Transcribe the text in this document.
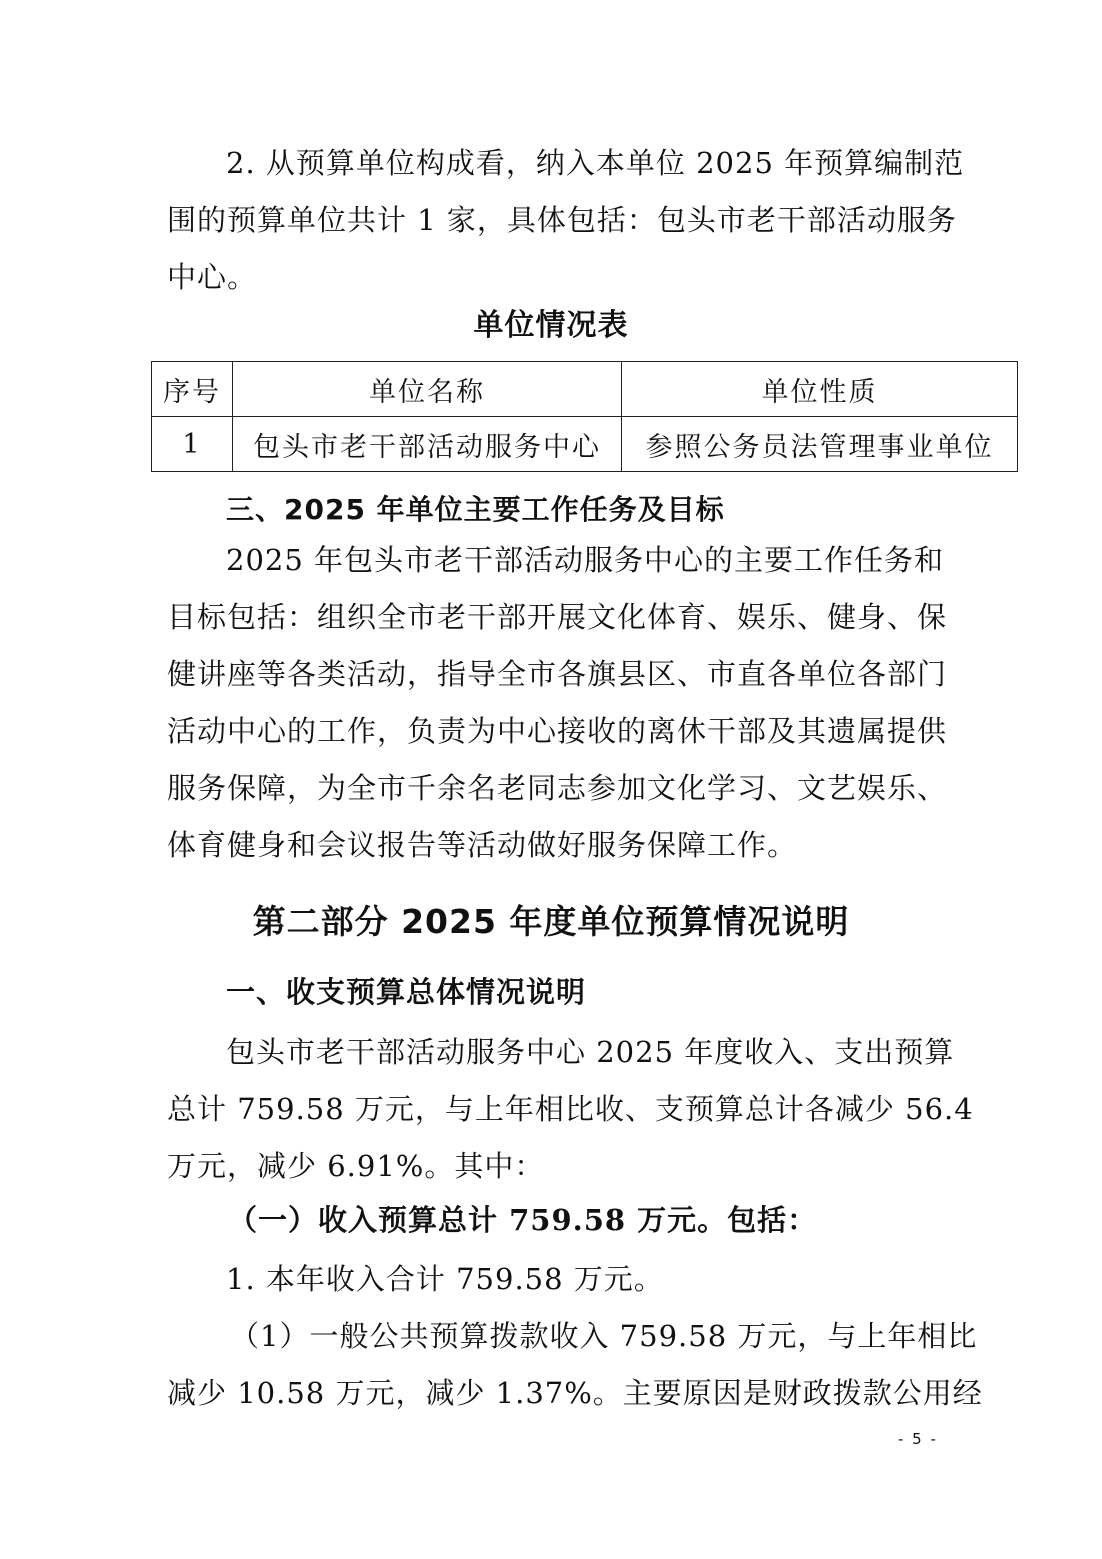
2. 从预算单位构成看，纳入本单位 2025 年预算编制范
围的预算单位共计 1 家，具体包括：包头市老干部活动服务
中心。
单位情况表
序号	单位名称	单位性质
1	包头市老干部活动服务中心	参照公务员法管理事业单位
三、2025 年单位主要工作任务及目标
2025 年包头市老干部活动服务中心的主要工作任务和
目标包括：组织全市老干部开展文化体育、娱乐、健身、保
健讲座等各类活动，指导全市各旗县区、市直各单位各部门
活动中心的工作，负责为中心接收的离休干部及其遗属提供
服务保障，为全市千余名老同志参加文化学习、文艺娱乐、
体育健身和会议报告等活动做好服务保障工作。
第二部分 2025 年度单位预算情况说明
一、收支预算总体情况说明
包头市老干部活动服务中心 2025 年度收入、支出预算
总计 759.58 万元，与上年相比收、支预算总计各减少 56.4
万元，减少 6.91%。其中：
（一）收入预算总计 759.58 万元。包括：
1. 本年收入合计 759.58 万元。
（1）一般公共预算拨款收入 759.58 万元，与上年相比
减少 10.58 万元，减少 1.37%。主要原因是财政拨款公用经
- 5 -
